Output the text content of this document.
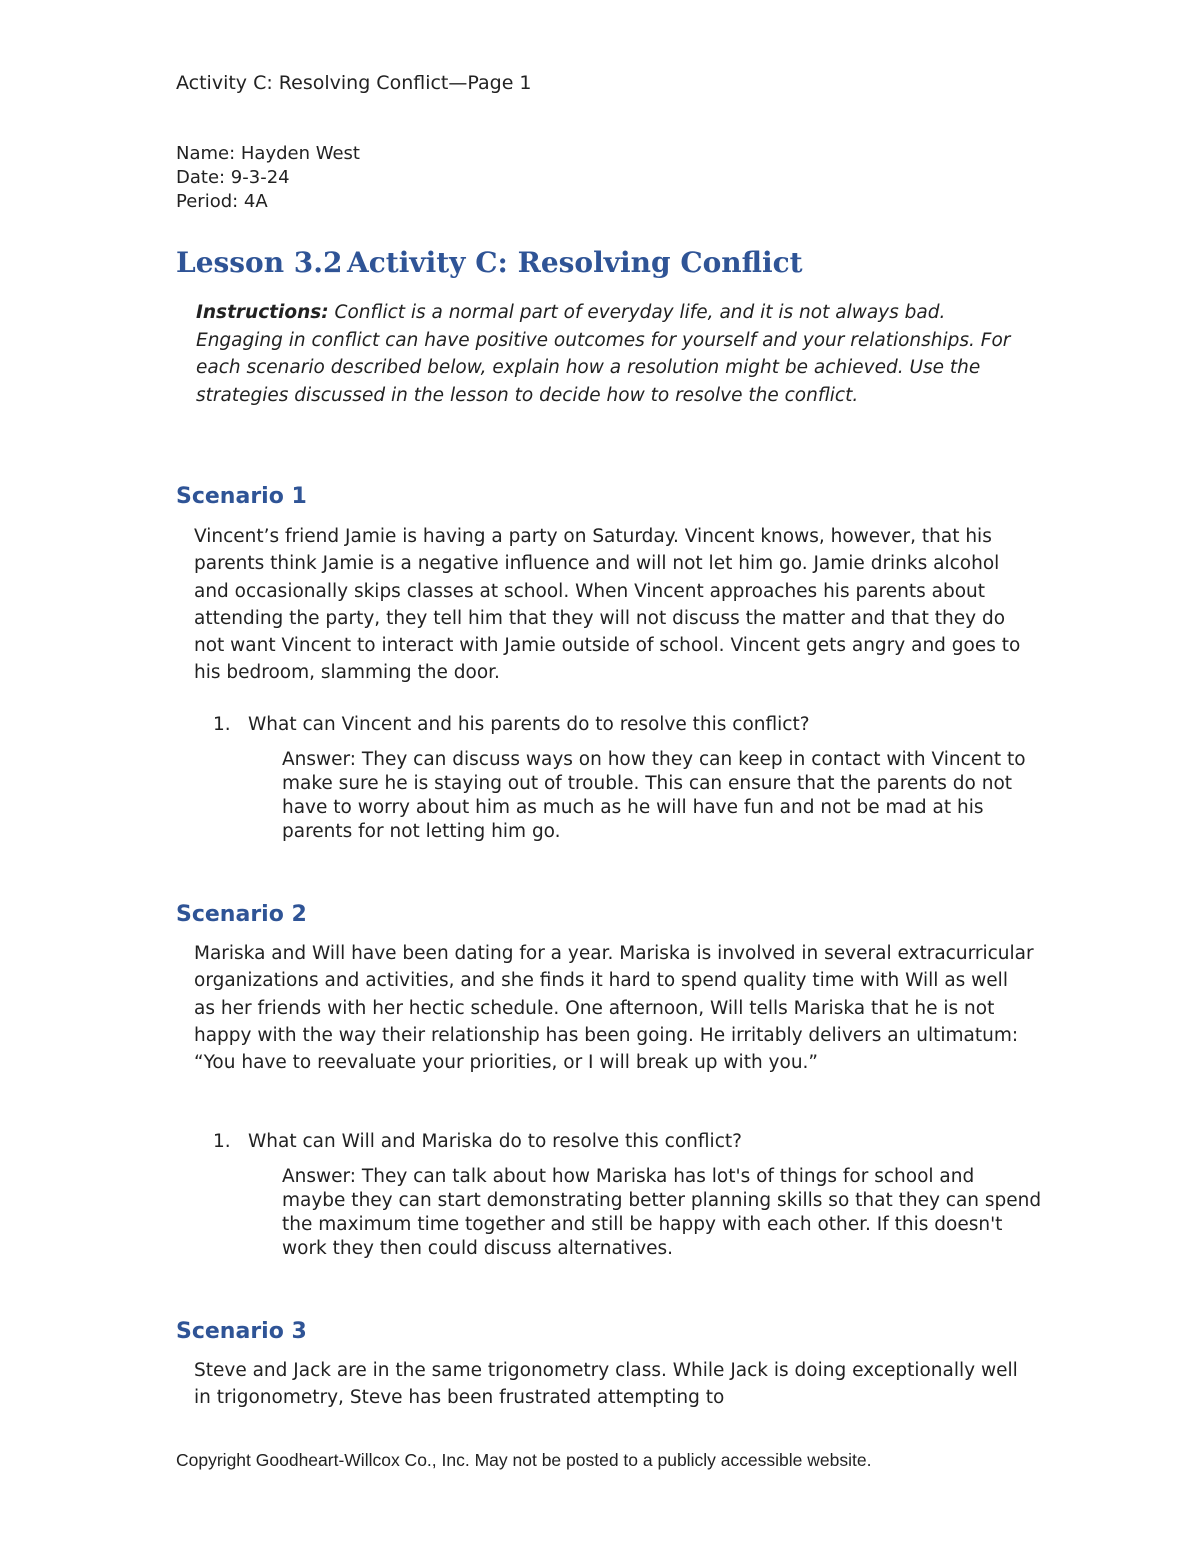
Activity C: Resolving Conflict—Page 1
Name: Hayden West
Date: 9-3-24
Period: 4A
Lesson 3.2 Activity C: Resolving Conflict

Instructions: Conflict is a normal part of everyday life, and it is not always bad. Engaging in conflict can have positive outcomes for yourself and your relationships. For each scenario described below, explain how a resolution might be achieved. Use the strategies discussed in the lesson to decide how to resolve the conflict.

Scenario 1

Vincent’s friend Jamie is having a party on Saturday. Vincent knows, however, that his parents think Jamie is a negative influence and will not let him go. Jamie drinks alcohol and occasionally skips classes at school. When Vincent approaches his parents about attending the party, they tell him that they will not discuss the matter and that they do not want Vincent to interact with Jamie outside of school. Vincent gets angry and goes to his bedroom, slamming the door.

1. What can Vincent and his parents do to resolve this conflict?

Answer: They can discuss ways on how they can keep in contact with Vincent to make sure he is staying out of trouble. This can ensure that the parents do not have to worry about him as much as he will have fun and not be mad at his parents for not letting him go.

Scenario 2

Mariska and Will have been dating for a year. Mariska is involved in several extracurricular organizations and activities, and she finds it hard to spend quality time with Will as well as her friends with her hectic schedule. One afternoon, Will tells Mariska that he is not happy with the way their relationship has been going. He irritably delivers an ultimatum: “You have to reevaluate your priorities, or I will break up with you.”

1. What can Will and Mariska do to resolve this conflict?

Answer: They can talk about how Mariska has lot's of things for school and maybe they can start demonstrating better planning skills so that they can spend the maximum time together and still be happy with each other. If this doesn't work they then could discuss alternatives.

Scenario 3

Steve and Jack are in the same trigonometry class. While Jack is doing exceptionally well in trigonometry, Steve has been frustrated attempting to

Copyright Goodheart-Willcox Co., Inc. May not be posted to a publicly accessible website.
